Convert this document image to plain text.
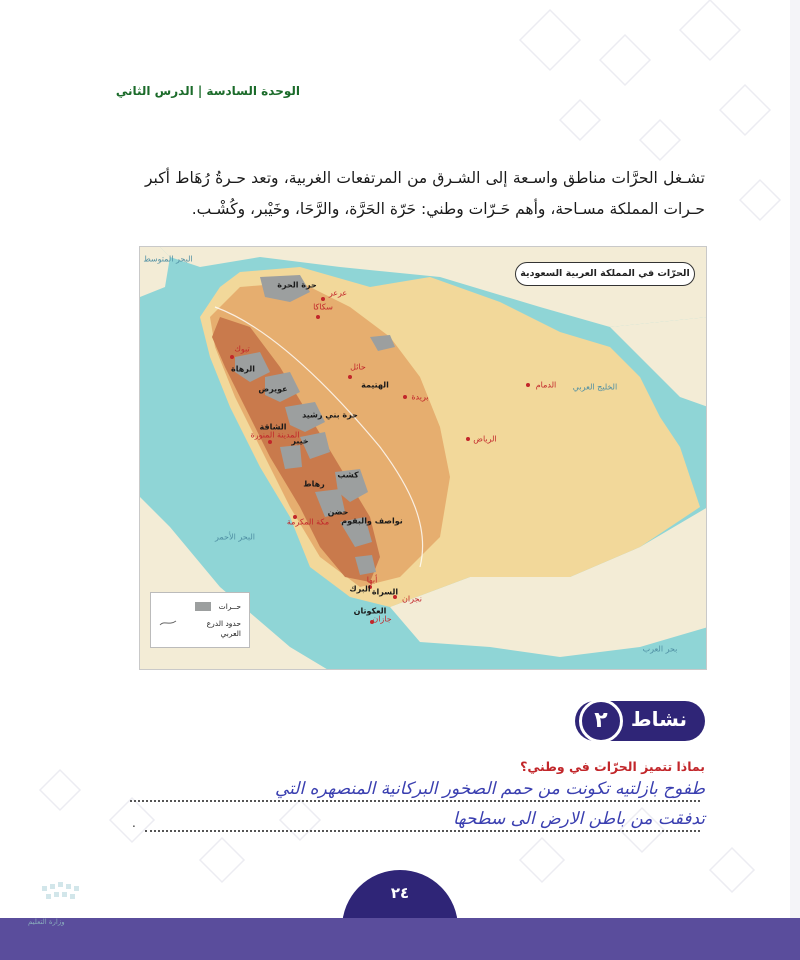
الوحدة السادسة | الدرس الثاني
تشـغل الحرَّات مناطق واسـعة إلى الشـرق من المرتفعات الغربية، وتعد حـرةُ رُهَاط أكبر حـرات المملكة مسـاحة، وأهم حَـرّات وطني: حَرّة الحَرَّة، والرَّحَا، وخَيْبر، وكُشْـب.
الحرّات في المملكة العربية السعودية
البحر المتوسط
البحر الأحمر
الخليج العربي
بحر العرب
حرة الحرة
الرهاة
عويرض
حرة بني رشيد
خيبر
الهتيمة
الشاقة
كشب
رهاط
حضن
نواصف والبقوم
البرك السراة
العكوتان
عرعر
سكاكا
تبوك
حائل
بريدة
الدمام
الرياض
المدينة المنورة
مكة المكرمة
أبها
نجران
جازان
حــرات
حدود الدرع العربي
نشاط
٢
بماذا تتميز الحرّات في وطني؟
طفوح بازلتيه تكونت من حمم الصخور البركانية المنصهره التي
.	تدفقت من باطن الارض الى سطحها
٢٤
وزارة التعليم
